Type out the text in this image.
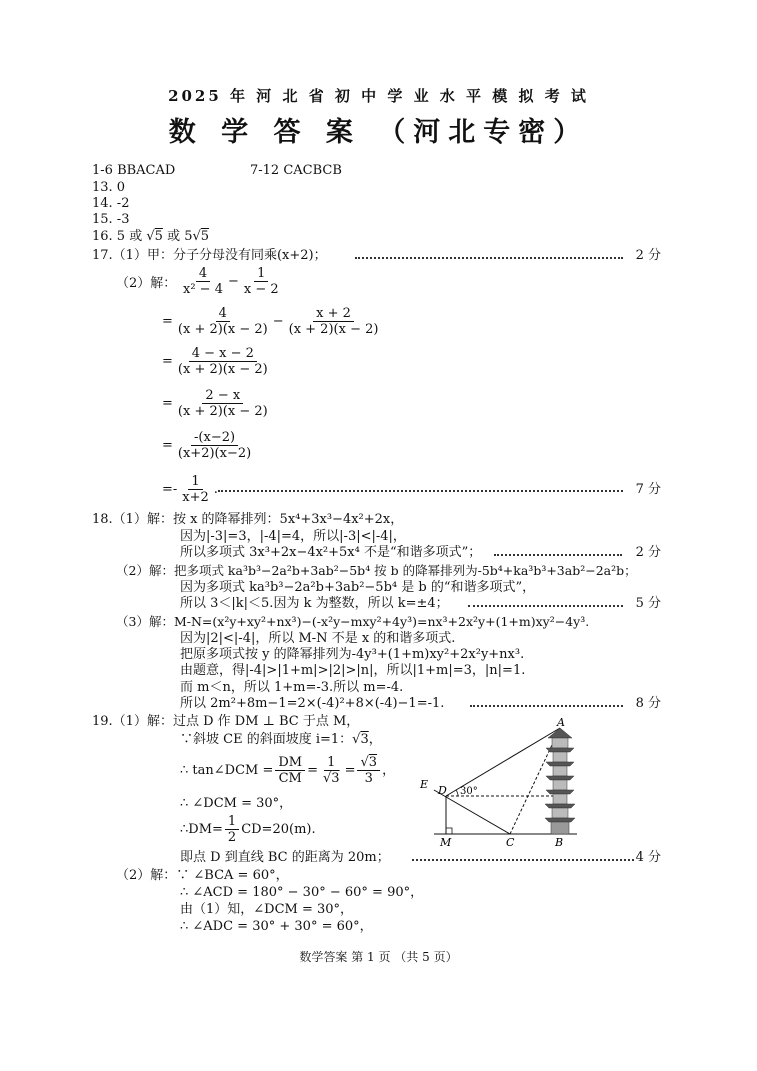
2025 年 河 北 省 初 中 学 业 水 平 模 拟 考 试
数 学 答 案 （河北专密）
1-6 BBACAD	7-12 CACBCB
13. 0
14. -2
15. -3
16. 5 或 √5 或 5√5
17.（1）甲：分子分母没有同乘(x+2)；	2 分
（2）解： $\frac{4}{\text{x² − 4}} - \frac{1}{x - 2}$
= $\frac{4}{(x + 2)(x - 2)} - \frac{x + 2}{(x + 2)(x - 2)}$
= $\frac{4 - x - 2}{(x + 2)(x - 2)}$
= $\frac{2 - x}{(x + 2)(x - 2)}$
= $\frac{-(x-2)}{(x+2)(x-2)}$
=- $\frac{1}{x+2}$ .	7 分
18.（1）解：按 x 的降幂排列：5x⁴+3x³−4x²+2x，
因为|-3|=3，|-4|=4，所以|-3|<|-4|，
所以多项式 3x³+2x−4x²+5x⁴ 不是“和谐多项式”；	2 分
（2）解：把多项式 ka³b³−2a²b+3ab²−5b⁴ 按 b 的降幂排列为-5b⁴+ka³b³+3ab²−2a²b；
因为多项式 ka³b³−2a²b+3ab²−5b⁴ 是 b 的“和谐多项式”，
所以 3＜|k|＜5.因为 k 为整数，所以 k=±4；	5 分
（3）解：M-N=(x²y+xy²+nx³)−(-x²y−mxy²+4y³)=nx³+2x²y+(1+m)xy²−4y³.
因为|2|<|-4|，所以 M-N 不是 x 的和谐多项式.
把原多项式按 y 的降幂排列为-4y³+(1+m)xy²+2x²y+nx³.
由题意，得|-4|>|1+m|>|2|>|n|，所以|1+m|=3，|n|=1.
而 m＜n，所以 1+m=-3.所以 m=-4.
所以 2m²+8m−1=2×(-4)²+8×(-4)−1=-1.	8 分
19.（1）解：过点 D 作 DM ⊥ BC 于点 M，
∵斜坡 CE 的斜面坡度 i=1：√3，
∴ tan∠DCM = $\frac{DM}{CM} = \frac{1}{√3} = \frac{√3}{3}$ ，
∴ ∠DCM = 30°，
∴DM= $\frac{1}{2} CD=20(m)$.
即点 D 到直线 BC 的距离为 20m；	4 分
（2）解：∵ ∠BCA = 60°，
∴ ∠ACD = 180° − 30° − 60° = 90°，
由（1）知，∠DCM = 30°，
∴ ∠ADC = 30° + 30° = 60°，
A
D
E
30°
M	C	B
数学答案 第 1 页 （共 5 页）
